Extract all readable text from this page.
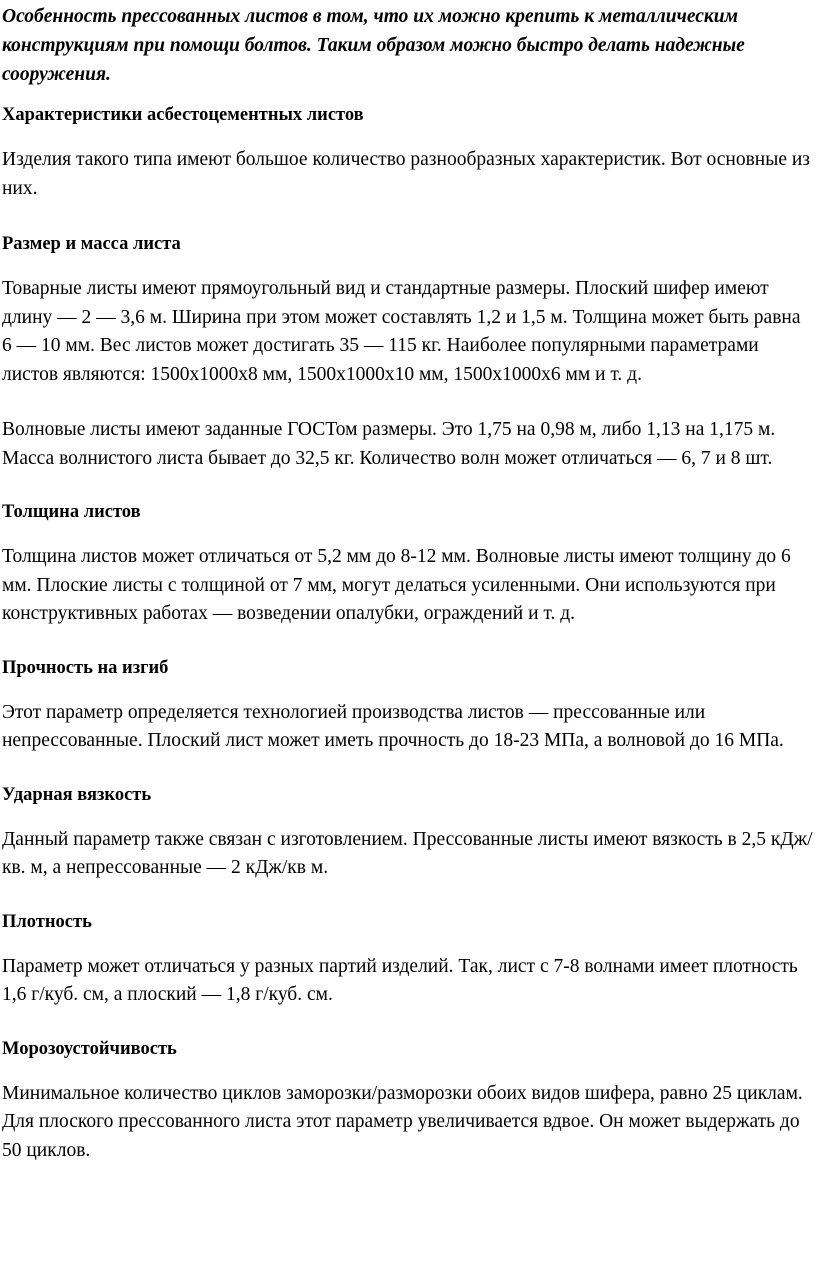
Особенность прессованных листов в том, что их можно крепить к металлическим конструкциям при помощи болтов. Таким образом можно быстро делать надежные сооружения.

Характеристики асбестоцементных листов

Изделия такого типа имеют большое количество разнообразных характеристик. Вот основные из них.

Размер и масса листа

Товарные листы имеют прямоугольный вид и стандартные размеры. Плоский шифер имеют длину — 2 — 3,6 м. Ширина при этом может составлять 1,2 и 1,5 м. Толщина может быть равна 6 — 10 мм. Вес листов может достигать 35 — 115 кг. Наиболее популярными параметрами листов являются: 1500х1000х8 мм, 1500х1000х10 мм, 1500х1000х6 мм и т. д.

Волновые листы имеют заданные ГОСТом размеры. Это 1,75 на 0,98 м, либо 1,13 на 1,175 м. Масса волнистого листа бывает до 32,5 кг. Количество волн может отличаться — 6, 7 и 8 шт.

Толщина листов

Толщина листов может отличаться от 5,2 мм до 8-12 мм. Волновые листы имеют толщину до 6 мм. Плоские листы с толщиной от 7 мм, могут делаться усиленными. Они используются при конструктивных работах — возведении опалубки, ограждений и т. д.

Прочность на изгиб

Этот параметр определяется технологией производства листов — прессованные или непрессованные. Плоский лист может иметь прочность до 18-23 МПа, а волновой до 16 МПа.

Ударная вязкость

Данный параметр также связан с изготовлением. Прессованные листы имеют вязкость в 2,5 кДж/кв. м, а непрессованные — 2 кДж/кв м.

Плотность

Параметр может отличаться у разных партий изделий. Так, лист с 7-8 волнами имеет плотность 1,6 г/куб. см, а плоский — 1,8 г/куб. см.

Морозоустойчивость

Минимальное количество циклов заморозки/разморозки обоих видов шифера, равно 25 циклам. Для плоского прессованного листа этот параметр увеличивается вдвое. Он может выдержать до 50 циклов.
